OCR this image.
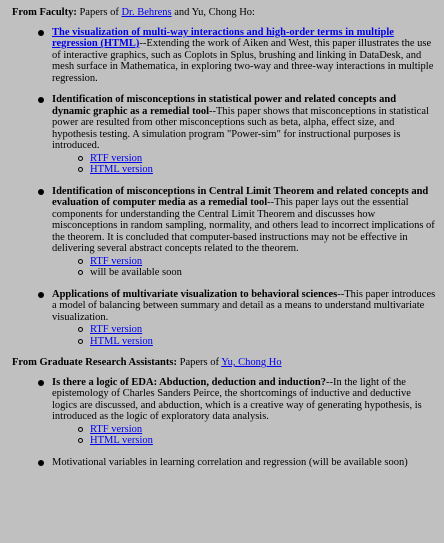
From Faculty: Papers of Dr. Behrens and Yu, Chong Ho:
The visualization of multi-way interactions and high-order terms in multiple regression (HTML)--Extending the work of Aiken and West, this paper illustrates the use of interactive graphics, such as Coplots in Splus, brushing and linking in DataDesk, and mesh surface in Mathematica, in exploring two-way and three-way interactions in multiple regression.
Identification of misconceptions in statistical power and related concepts and dynamic graphic as a remedial tool--This paper shows that misconceptions in statistical power are resulted from other misconceptions such as beta, alpha, effect size, and hypothesis testing. A simulation program "Power-sim" for instructional purposes is introduced.
RTF version
HTML version
Identification of misconceptions in Central Limit Theorem and related concepts and evaluation of computer media as a remedial tool--This paper lays out the essential components for understanding the Central Limit Theorem and discusses how misconceptions in random sampling, normality, and others lead to incorrect implications of the theorem. It is concluded that computer-based instructions may not be effective in delivering several abstract concepts related to the theorem.
RTF version
will be available soon
Applications of multivariate visualization to behavioral sciences--This paper introduces a model of balancing between summary and detail as a means to understand multivariate visualization.
RTF version
HTML version
From Graduate Research Assistants: Papers of Yu, Chong Ho
Is there a logic of EDA: Abduction, deduction and induction?--In the light of the epistemology of Charles Sanders Peirce, the shortcomings of inductive and deductive logics are discussed, and abduction, which is a creative way of generating hypothesis, is introduced as the logic of exploratory data analysis.
RTF version
HTML version
Motivational variables in learning correlation and regression (will be available soon)
